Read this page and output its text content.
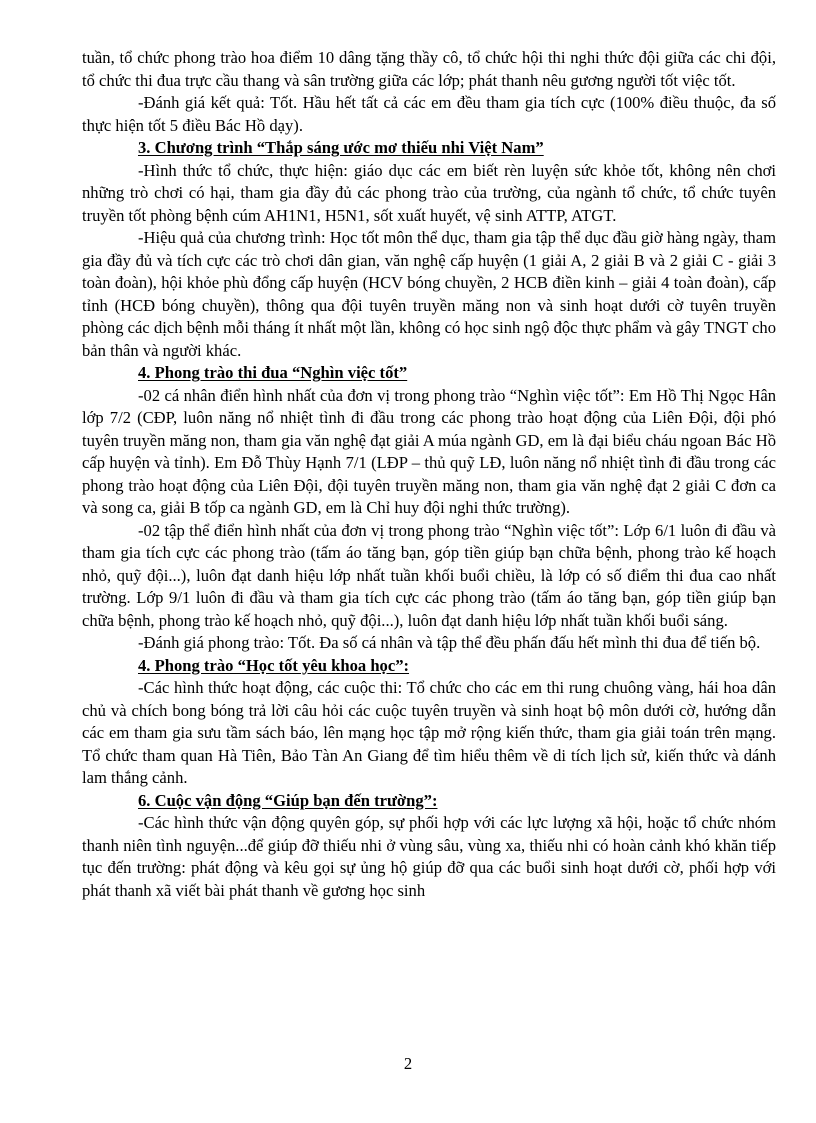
tuần, tổ chức phong trào hoa điểm 10 dâng tặng thầy cô, tổ chức hội thi nghi thức đội giữa các chi đội, tổ chức thi đua trực cầu thang và sân trường giữa các lớp; phát thanh nêu gương người tốt việc tốt.

-Đánh giá kết quả: Tốt. Hầu hết tất cả các em đều tham gia tích cực (100% điều thuộc, đa số thực hiện tốt 5 điều Bác Hồ dạy).

3. Chương trình “Thắp sáng ước mơ thiếu nhi Việt Nam”

-Hình thức tổ chức, thực hiện: giáo dục các em biết rèn luyện sức khỏe tốt, không nên chơi những trò chơi có hại, tham gia đầy đủ các phong trào của trường, của ngành tổ chức, tổ chức tuyên truyền tốt phòng bệnh cúm AH1N1, H5N1, sốt xuất huyết, vệ sinh ATTP, ATGT.

-Hiệu quả của chương trình: Học tốt môn thể dục, tham gia tập thể dục đầu giờ hàng ngày, tham gia đầy đủ và tích cực các trò chơi dân gian, văn nghệ cấp huyện (1 giải A, 2 giải B và 2 giải C - giải 3 toàn đoàn), hội khỏe phù đổng cấp huyện (HCV bóng chuyền, 2 HCB điền kinh – giải 4 toàn đoàn), cấp tỉnh (HCĐ bóng chuyền), thông qua đội tuyên truyền măng non và sinh hoạt dưới cờ tuyên truyền phòng các dịch bệnh mỗi tháng ít nhất một lần, không có học sinh ngộ độc thực phẩm và gây TNGT cho bản thân và người khác.

4. Phong trào thi đua “Nghìn việc tốt”

-02 cá nhân điển hình nhất của đơn vị trong phong trào “Nghìn việc tốt”: Em Hồ Thị Ngọc Hân lớp 7/2 (CĐP, luôn năng nổ nhiệt tình đi đầu trong các phong trào hoạt động của Liên Đội, đội phó tuyên truyền măng non, tham gia văn nghệ đạt giải A múa ngành GD, em là đại biểu cháu ngoan Bác Hồ cấp huyện và tỉnh). Em Đỗ Thùy Hạnh 7/1 (LĐP – thủ quỹ LĐ, luôn năng nổ nhiệt tình đi đầu trong các phong trào hoạt động của Liên Đội, đội tuyên truyền măng non, tham gia văn nghệ đạt 2 giải C đơn ca và song ca, giải B tốp ca ngành GD, em là Chỉ huy đội nghi thức trường).

-02 tập thể điển hình nhất của đơn vị trong phong trào “Nghìn việc tốt”: Lớp 6/1 luôn đi đầu và tham gia tích cực các phong trào (tấm áo tăng bạn, góp tiền giúp bạn chữa bệnh, phong trào kế hoạch nhỏ, quỹ đội...), luôn đạt danh hiệu lớp nhất tuần khối buổi chiều, là lớp có số điểm thi đua cao nhất trường. Lớp 9/1 luôn đi đầu và tham gia tích cực các phong trào (tấm áo tăng bạn, góp tiền giúp bạn chữa bệnh, phong trào kế hoạch nhỏ, quỹ đội...), luôn đạt danh hiệu lớp nhất tuần khối buổi sáng.

-Đánh giá phong trào: Tốt. Đa số cá nhân và tập thể đều phấn đấu hết mình thi đua để tiến bộ.

4. Phong trào “Học tốt yêu khoa học”:

-Các hình thức hoạt động, các cuộc thi: Tổ chức cho các em thi rung chuông vàng, hái hoa dân chủ và chích bong bóng trả lời câu hỏi các cuộc tuyên truyền và sinh hoạt bộ môn dưới cờ, hướng dẫn các em tham gia sưu tầm sách báo, lên mạng học tập mở rộng kiến thức, tham gia giải toán trên mạng. Tổ chức tham quan Hà Tiên, Bảo Tàn An Giang để tìm hiểu thêm về di tích lịch sử, kiến thức và dánh lam thắng cảnh.

6. Cuộc vận động “Giúp bạn đến trường”:

-Các hình thức vận động quyên góp, sự phối hợp với các lực lượng xã hội, hoặc tổ chức nhóm thanh niên tình nguyện...để giúp đỡ thiếu nhi ở vùng sâu, vùng xa, thiếu nhi có hoàn cảnh khó khăn tiếp tục đến trường: phát động và kêu gọi sự ủng hộ giúp đỡ qua các buổi sinh hoạt dưới cờ, phối hợp với phát thanh xã viết bài phát thanh về gương học sinh

2
